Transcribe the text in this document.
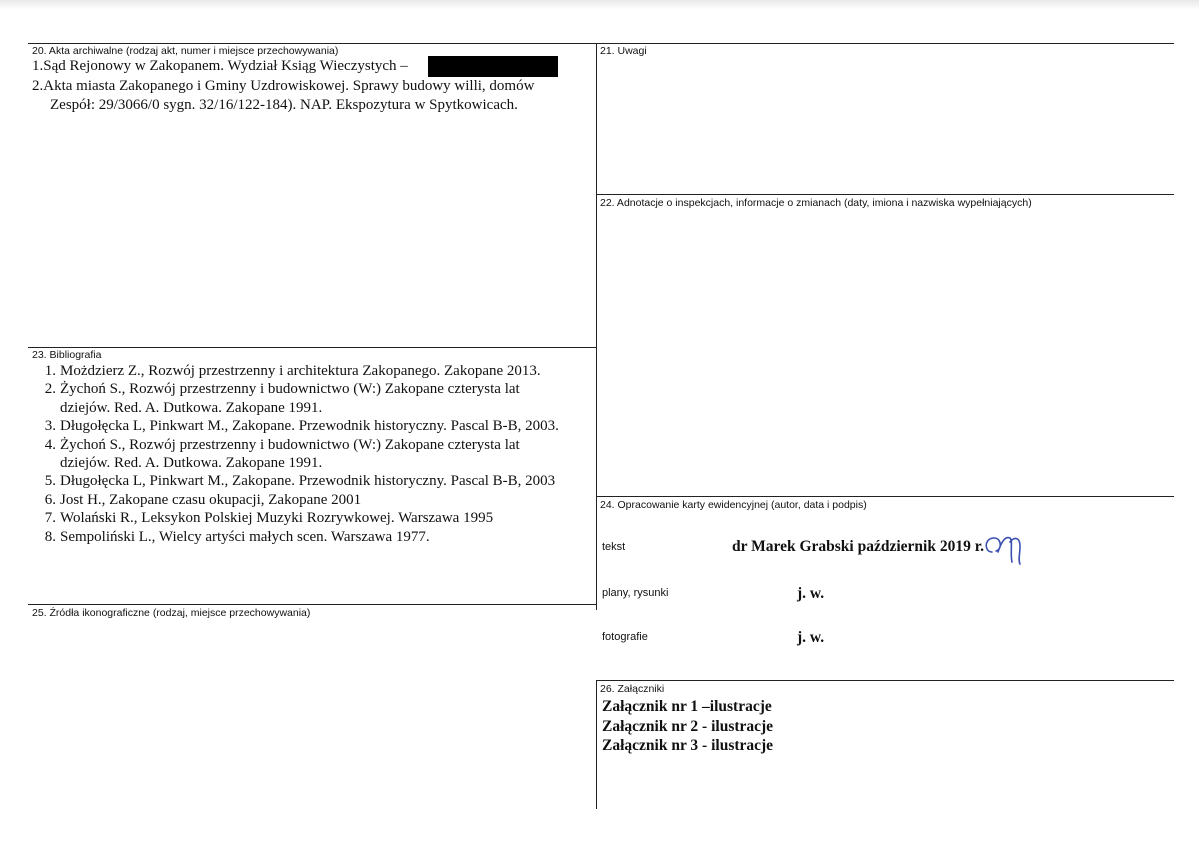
20. Akta archiwalne (rodzaj akt, numer i miejsce przechowywania)
1.Sąd Rejonowy w Zakopanem. Wydział Ksiąg Wieczystych –
2.Akta miasta Zakopanego i Gminy Uzdrowiskowej. Sprawy budowy willi, domów
Zespół: 29/3066/0 sygn. 32/16/122-184). NAP. Ekspozytura w Spytkowicach.
21. Uwagi
22. Adnotacje o inspekcjach, informacje o zmianach (daty, imiona i nazwiska wypełniających)
23. Bibliografia
1. Możdzierz Z., Rozwój przestrzenny i architektura Zakopanego. Zakopane 2013.
2. Żychoń S., Rozwój przestrzenny i budownictwo (W:) Zakopane czterysta lat
dziejów. Red. A. Dutkowa. Zakopane 1991.
3. Długołęcka L, Pinkwart M., Zakopane. Przewodnik historyczny. Pascal B-B, 2003.
4. Żychoń S., Rozwój przestrzenny i budownictwo (W:) Zakopane czterysta lat
dziejów. Red. A. Dutkowa. Zakopane 1991.
5. Długołęcka L, Pinkwart M., Zakopane. Przewodnik historyczny. Pascal B-B, 2003
6. Jost H., Zakopane czasu okupacji, Zakopane 2001
7. Wolański R., Leksykon Polskiej Muzyki Rozrywkowej. Warszawa 1995
8. Sempoliński L., Wielcy artyści małych scen. Warszawa 1977.
24. Opracowanie karty ewidencyjnej (autor, data i podpis)
tekst	dr Marek Grabski październik 2019 r.
plany, rysunki	j. w.
fotografie	j. w.
25. Źródła ikonograficzne (rodzaj, miejsce przechowywania)
26. Załączniki
Załącznik nr 1 –ilustracje
Załącznik nr 2 - ilustracje
Załącznik nr 3 - ilustracje
